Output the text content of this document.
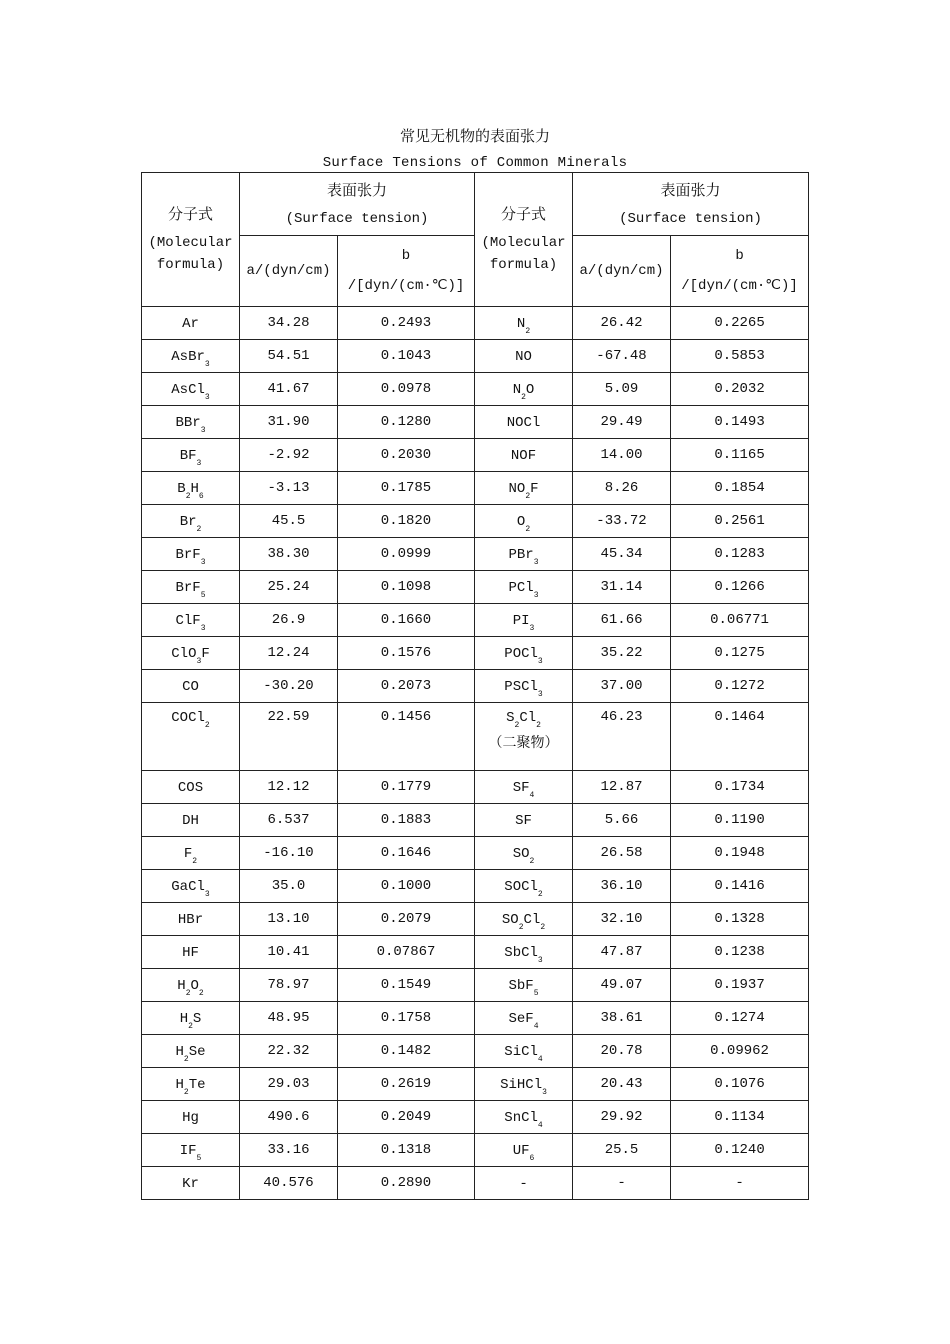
常见无机物的表面张力
Surface Tensions of Common Minerals
分子式
(Molecular
formula)	表面张力
(Surface tension)		分子式
(Molecular
formula)	表面张力
(Surface tension)	

	a/(dyn/cm)	b
/[dyn/(cm·℃)]		a/(dyn/cm)	b
/[dyn/(cm·℃)]

Ar	34.28	0.2493	$N_2$	26.42	0.2265
AsBr$_3$	54.51	0.1043	NO	-67.48	0.5853
AsCl$_3$	41.67	0.0978	$N_2O$	5.09	0.2032
BBr$_3$	31.90	0.1280	NOCl	29.49	0.1493
$BF_3$	-2.92	0.2030	NOF	14.00	0.1165
$B_2H_6$	-3.13	0.1785	$NO_2F$	8.26	0.1854
$Br_2$	45.5	0.1820	$O_2$	-33.72	0.2561
BrF$_3$	38.30	0.0999	PBr$_3$	45.34	0.1283
BrF$_5$	25.24	0.1098	PCl$_3$	31.14	0.1266
ClF$_3$	26.9	0.1660	$PI_3$	61.66	0.06771
ClO$_3$F	12.24	0.1576	POCl$_3$	35.22	0.1275
CO	-30.20	0.2073	PSCl$_3$	37.00	0.1272
COCl$_2$	22.59	0.1456	$S_2Cl_2$
（二聚物）	46.23	0.1464
COS	12.12	0.1779	$SF_4$	12.87	0.1734
DH	6.537	0.1883	SF	5.66	0.1190
$F_2$	-16.10	0.1646	$SO_2$	26.58	0.1948
GaCl$_3$	35.0	0.1000	SOCl$_2$	36.10	0.1416
HBr	13.10	0.2079	$SO_2Cl_2$	32.10	0.1328
HF	10.41	0.07867	SbCl$_3$	47.87	0.1238
$H_2O_2$	78.97	0.1549	SbF$_5$	49.07	0.1937
$H_2S$	48.95	0.1758	SeF$_4$	38.61	0.1274
$H_2Se$	22.32	0.1482	SiCl$_4$	20.78	0.09962
$H_2Te$	29.03	0.2619	SiHCl$_3$	20.43	0.1076
Hg	490.6	0.2049	SnCl$_4$	29.92	0.1134
$IF_5$	33.16	0.1318	$UF_6$	25.5	0.1240
Kr	40.576	0.2890	-	-	-
